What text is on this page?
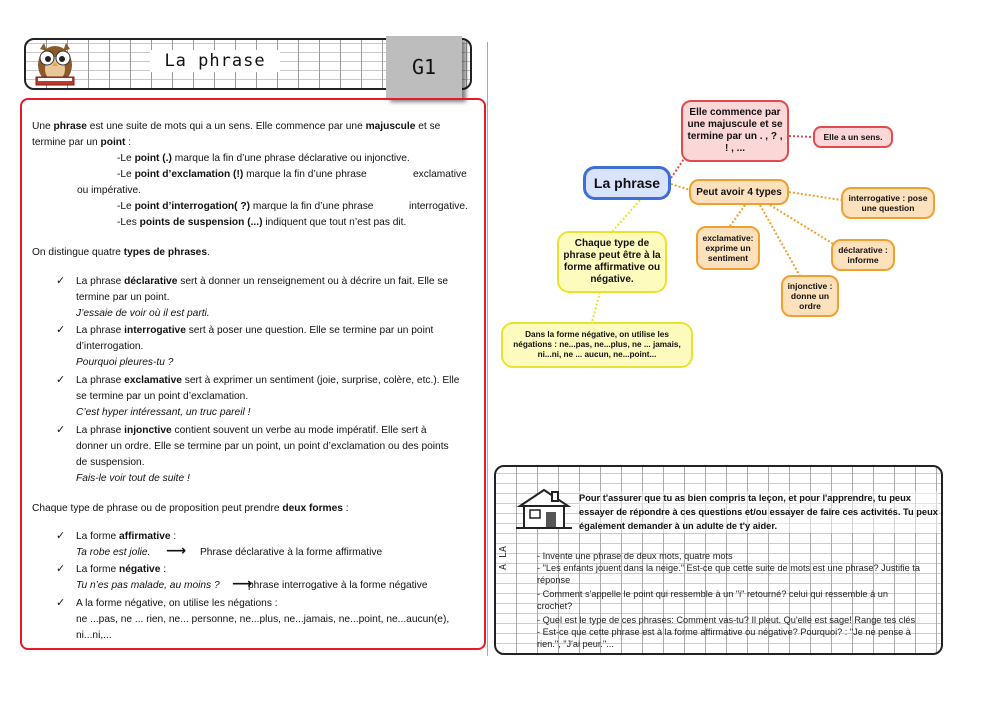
La phrase	G1
Une phrase est une suite de mots qui a un sens. Elle commence par une majuscule et se
termine par un point :
-Le point (.) marque la fin d’une phrase déclarative ou injonctive.
-Le point d’exclamation (!) marque la fin d’une phrase	exclamative
ou impérative.
-Le point d’interrogation( ?) marque la fin d’une phrase	interrogative.
-Les points de suspension (...) indiquent que tout n’est pas dit.
On distingue quatre types de phrases.
✓ La phrase déclarative sert à donner un renseignement ou à décrire un fait. Elle se
termine par un point.
J’essaie de voir où il est parti.
✓ La phrase interrogative sert à poser une question. Elle se termine par un point
d’interrogation.
Pourquoi pleures-tu ?
✓ La phrase exclamative sert à exprimer un sentiment (joie, surprise, colère, etc.). Elle
se termine par un point d’exclamation.
C’est hyper intéressant, un truc pareil !
✓ La phrase injonctive contient souvent un verbe au mode impératif. Elle sert à
donner un ordre. Elle se termine par un point, un point d’exclamation ou des points
de suspension.
Fais-le voir tout de suite !
Chaque type de phrase ou de proposition peut prendre deux formes :
✓ La forme affirmative :
Ta robe est jolie. ⟶ Phrase déclarative à la forme affirmative
✓ La forme négative :
Tu n’es pas malade, au moins ? ⟶
phrase interrogative à la forme négative
✓ A la forme négative, on utilise les négations :
ne ...pas, ne ... rien, ne... personne, ne...plus, ne...jamais, ne...point, ne...aucun(e),
ni...ni,...
La phrase
Elle commence par une majuscule et se termine par un . , ? , ! , ...
Elle a un sens.
Peut avoir 4 types
interrogative : pose une question
exclamative: exprime un sentiment
déclarative : informe
injonctive : donne un ordre
Chaque type de phrase peut être à la forme affirmative ou négative.
Dans la forme négative, on utilise les négations : ne...pas, ne...plus, ne ... jamais, ni...ni, ne ... aucun, ne...point...
A LA
Pour t'assurer que tu as bien compris ta leçon, et pour l'apprendre, tu peux essayer de répondre à ces questions et/ou essayer de faire ces activités. Tu peux également demander à un adulte de t'y aider.
- Invente une phrase de deux mots, quatre mots
- "Les enfants jouent dans la neige." Est-ce que cette suite de mots est une phrase? Justifie ta
réponse
- Comment s'appelle le point qui ressemble à un "i" retourné? celui qui ressemble à un
crochet?
- Quel est le type de ces phrases: Comment vas-tu? Il pleut. Qu'elle est sage! Range tes clés
- Est-ce que cette phrase est à la forme affirmative ou négative? Pourquoi? : "Je ne pense à
rien.", "J'ai peur."...
